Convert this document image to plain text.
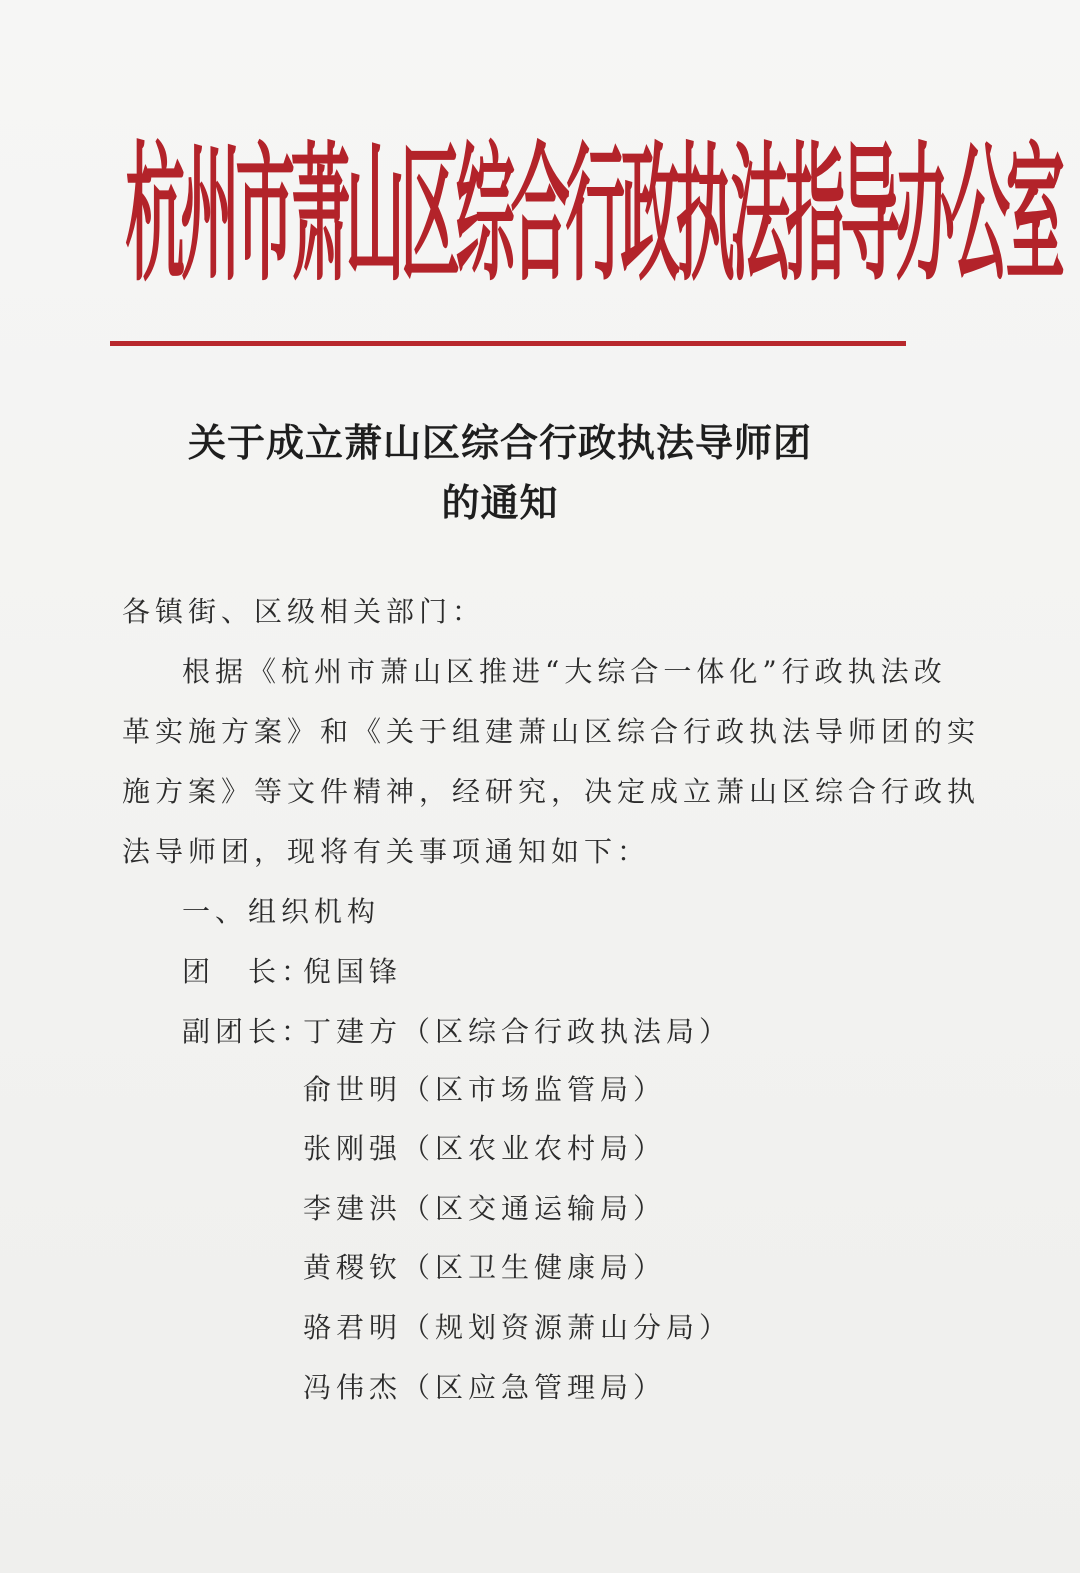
杭
州
市
萧
山
区
综
合
行
政
执
法
指
导
办
公
室
关于成立萧山区综合行政执法导师团
的通知
各镇街、区级相关部门：
根据《杭州市萧山区推进“大综合一体化”行政执法改
革实施方案》和《关于组建萧山区综合行政执法导师团的实
施方案》等文件精神，经研究，决定成立萧山区综合行政执
法导师团，现将有关事项通知如下：
一、组织机构
团　长：
倪国锋
副团长：
丁建方（区综合行政执法局）
俞世明（区市场监管局）
张刚强（区农业农村局）
李建洪（区交通运输局）
黄稷钦（区卫生健康局）
骆君明（规划资源萧山分局）
冯伟杰（区应急管理局）
